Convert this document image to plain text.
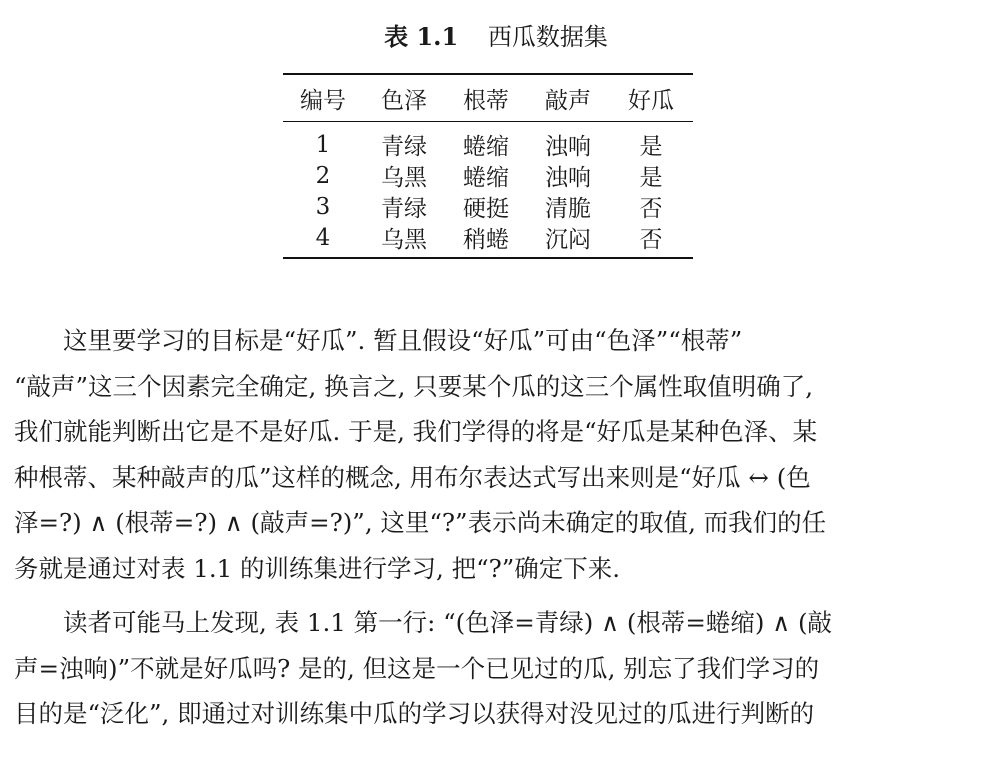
表 1.1 西瓜数据集
编号	色泽	根蒂	敲声	好瓜
1	青绿	蜷缩	浊响	是
2	乌黑	蜷缩	浊响	是
3	青绿	硬挺	清脆	否
4	乌黑	稍蜷	沉闷	否
　　这里要学习的目标是“好瓜”. 暂且假设“好瓜”可由“色泽”“根蒂”
“敲声”这三个因素完全确定, 换言之, 只要某个瓜的这三个属性取值明确了,
我们就能判断出它是不是好瓜. 于是, 我们学得的将是“好瓜是某种色泽、某
种根蒂、某种敲声的瓜”这样的概念, 用布尔表达式写出来则是“好瓜 ↔ (色
泽=?) ∧ (根蒂=?) ∧ (敲声=?)”, 这里“?”表示尚未确定的取值, 而我们的任
务就是通过对表 1.1 的训练集进行学习, 把“?”确定下来.
　　读者可能马上发现, 表 1.1 第一行: “(色泽=青绿) ∧ (根蒂=蜷缩) ∧ (敲
声=浊响)”不就是好瓜吗? 是的, 但这是一个已见过的瓜, 别忘了我们学习的
目的是“泛化”, 即通过对训练集中瓜的学习以获得对没见过的瓜进行判断的
